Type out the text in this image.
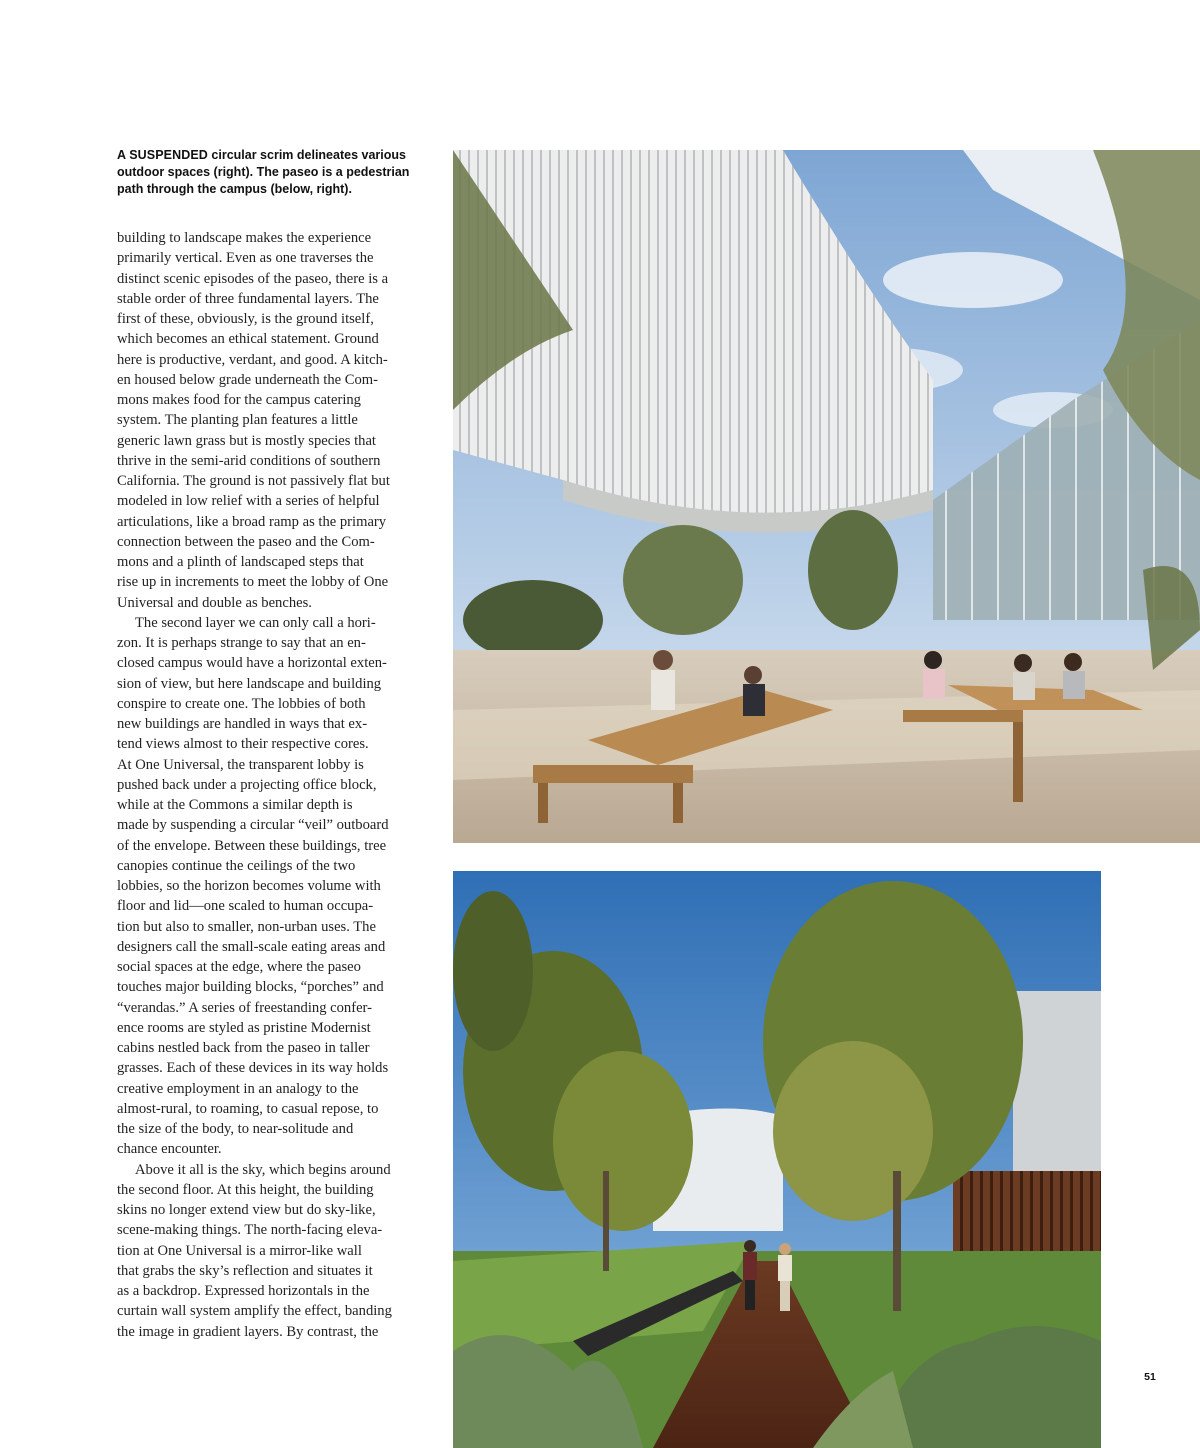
A SUSPENDED circular scrim delineates various outdoor spaces (right). The paseo is a pedestrian path through the campus (below, right).
building to landscape makes the experience
primarily vertical. Even as one traverses the
distinct scenic episodes of the paseo, there is a
stable order of three fundamental layers. The
first of these, obviously, is the ground itself,
which becomes an ethical statement. Ground
here is productive, verdant, and good. A kitch-
en housed below grade underneath the Com-
mons makes food for the campus catering
system. The planting plan features a little
generic lawn grass but is mostly species that
thrive in the semi-arid conditions of southern
California. The ground is not passively flat but
modeled in low relief with a series of helpful
articulations, like a broad ramp as the primary
connection between the paseo and the Com-
mons and a plinth of landscaped steps that
rise up in increments to meet the lobby of One
Universal and double as benches.
The second layer we can only call a hori-
zon. It is perhaps strange to say that an en-
closed campus would have a horizontal exten-
sion of view, but here landscape and building
conspire to create one. The lobbies of both
new buildings are handled in ways that ex-
tend views almost to their respective cores.
At One Universal, the transparent lobby is
pushed back under a projecting office block,
while at the Commons a similar depth is
made by suspending a circular “veil” outboard
of the envelope. Between these buildings, tree
canopies continue the ceilings of the two
lobbies, so the horizon becomes volume with
floor and lid—one scaled to human occupa-
tion but also to smaller, non-urban uses. The
designers call the small-scale eating areas and
social spaces at the edge, where the paseo
touches major building blocks, “porches” and
“verandas.” A series of freestanding confer-
ence rooms are styled as pristine Modernist
cabins nestled back from the paseo in taller
grasses. Each of these devices in its way holds
creative employment in an analogy to the
almost-rural, to roaming, to casual repose, to
the size of the body, to near-solitude and
chance encounter.
Above it all is the sky, which begins around
the second floor. At this height, the building
skins no longer extend view but do sky-like,
scene-making things. The north-facing eleva-
tion at One Universal is a mirror-like wall
that grabs the sky’s reflection and situates it
as a backdrop. Expressed horizontals in the
curtain wall system amplify the effect, banding
the image in gradient layers. By contrast, the
51
